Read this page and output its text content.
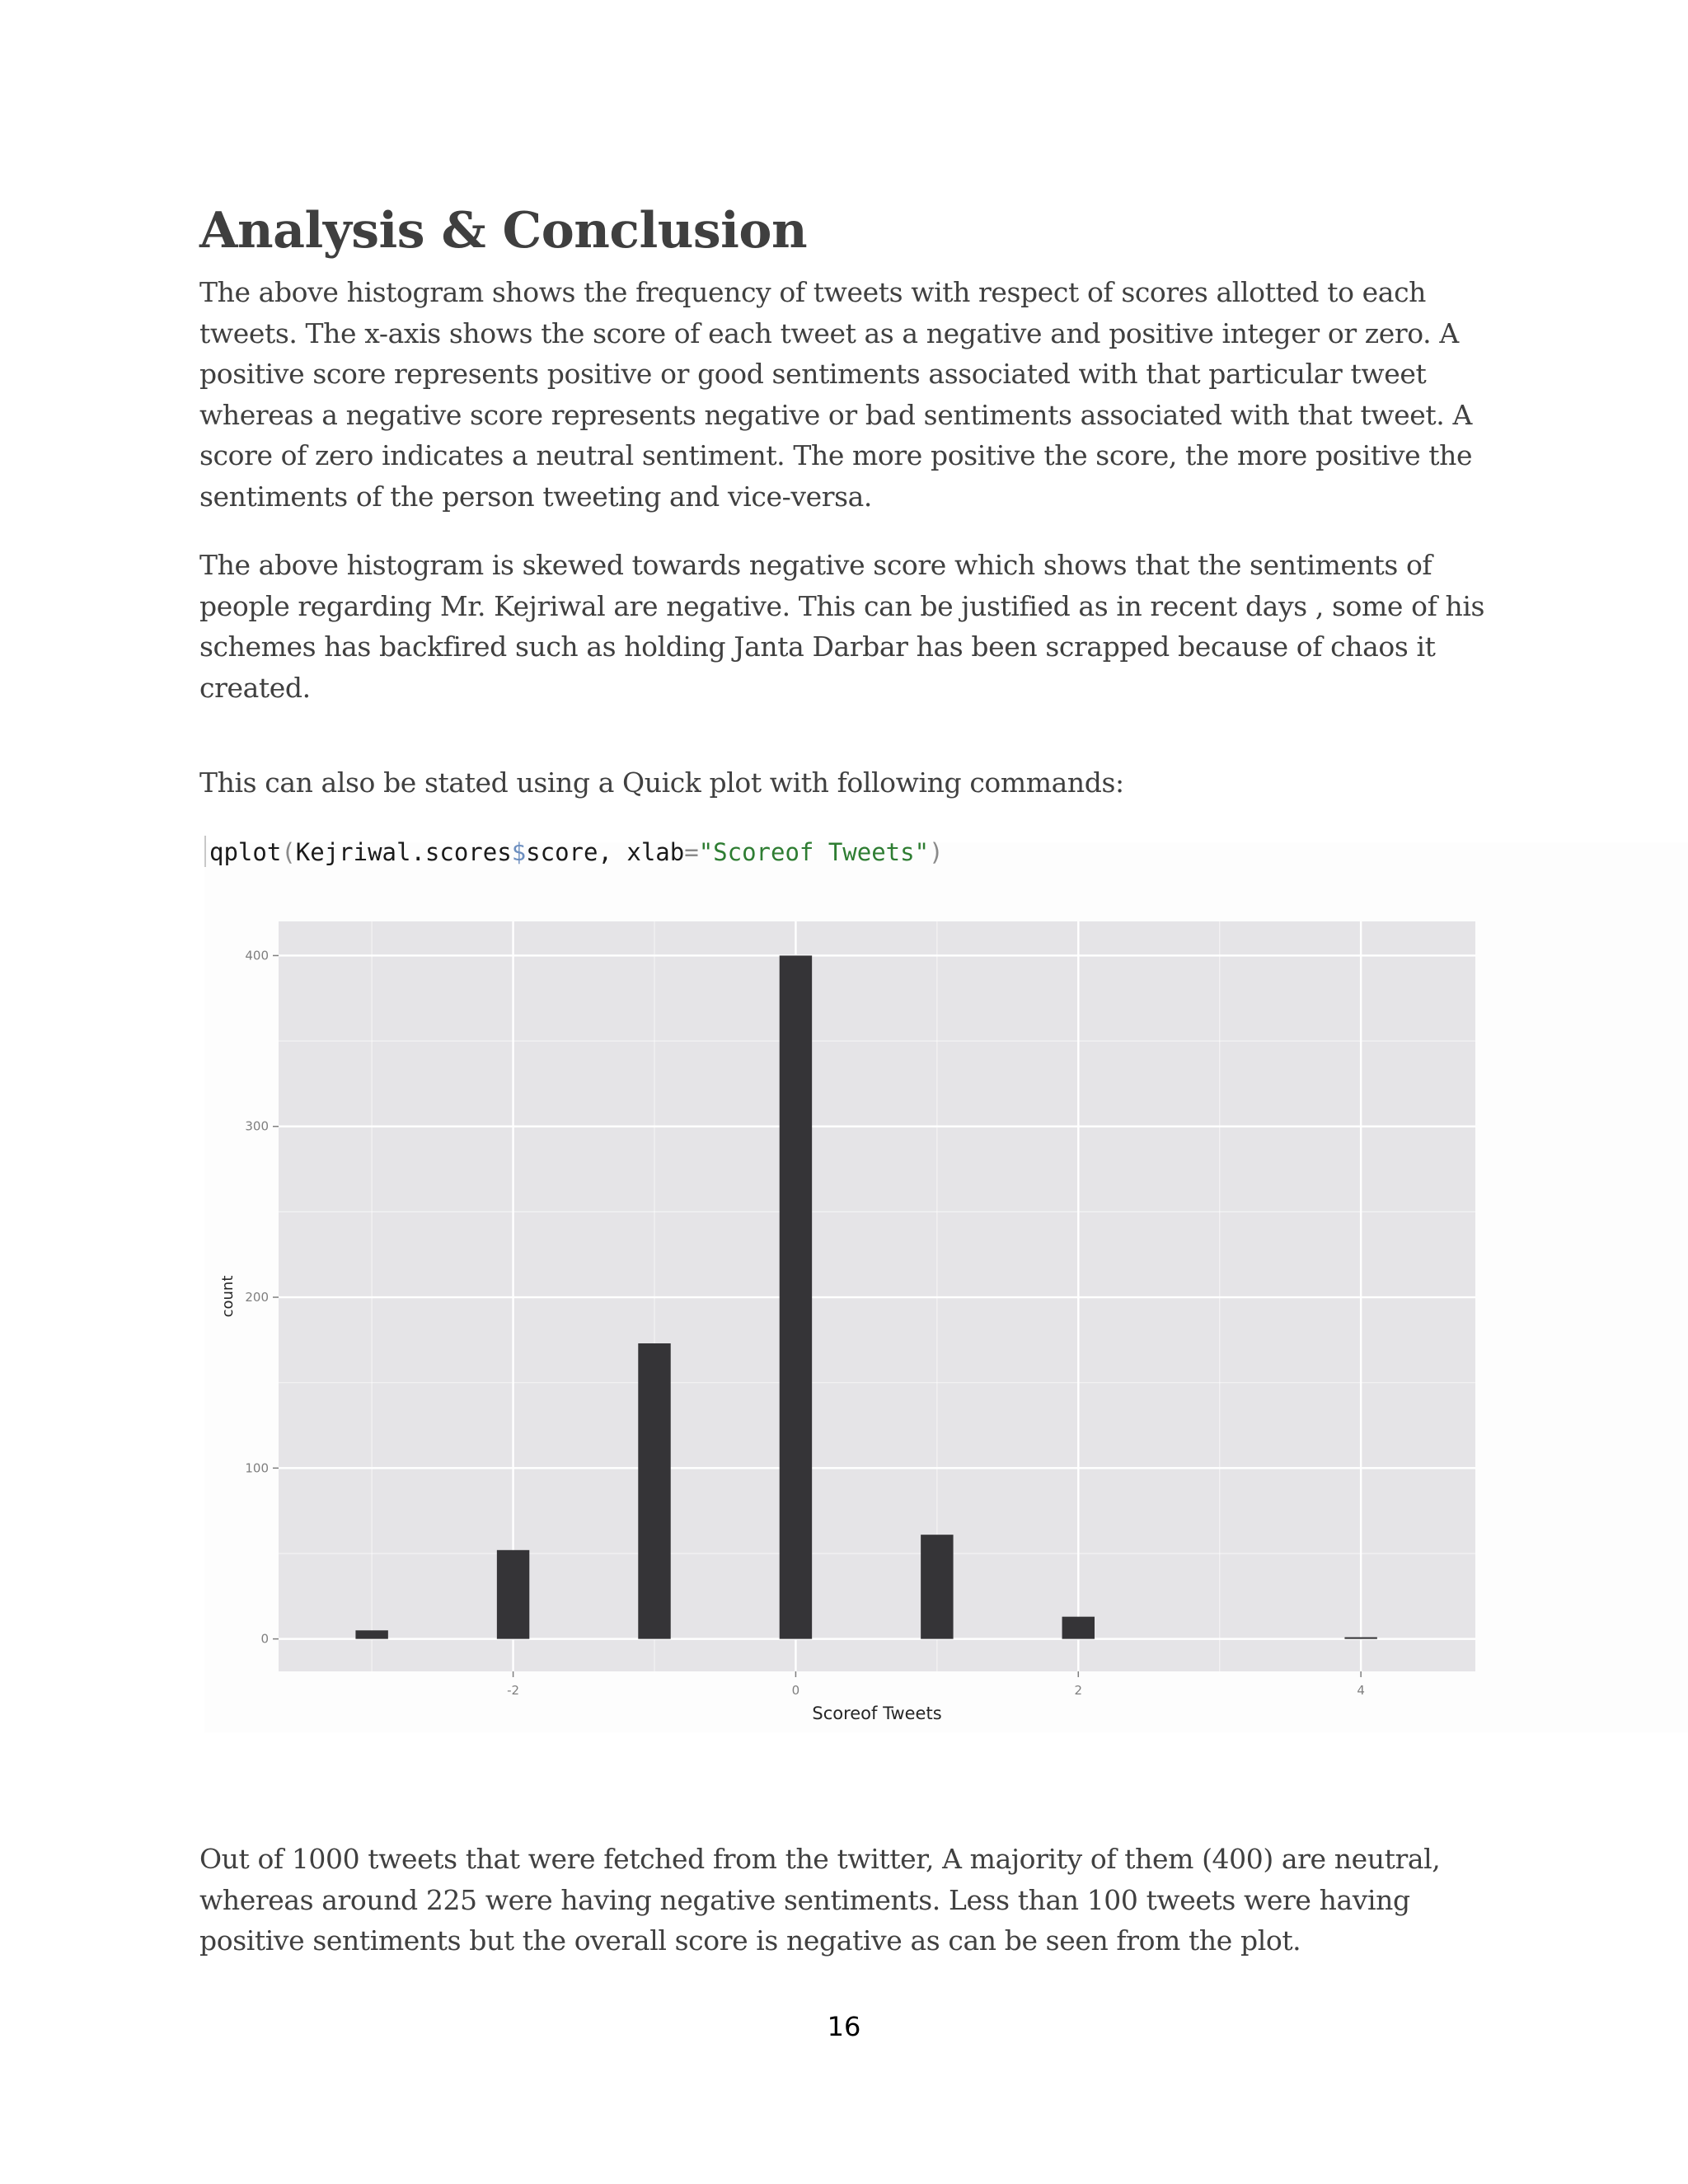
Analysis & Conclusion

The above histogram shows the frequency of tweets with respect of scores allotted to each tweets. The x-axis shows the score of each tweet as a negative and positive integer or zero. A positive score represents positive or good sentiments associated with that particular tweet whereas a negative score represents negative or bad sentiments associated with that tweet. A score of zero indicates a neutral sentiment. The more positive the score, the more positive the sentiments of the person tweeting and vice-versa.

The above histogram is skewed towards negative score which shows that the sentiments of people regarding Mr. Kejriwal are negative. This can be justified as in recent days , some of his schemes has backfired such as holding Janta Darbar has been scrapped because of chaos it created.

This can also be stated using a Quick plot with following commands:

qplot(Kejriwal.scores$score, xlab="Scoreof Tweets")
0
100
200
300
400
-2	0	2	4
Scoreof Tweets
count

Out of 1000 tweets that were fetched from the twitter, A majority of them (400) are neutral, whereas around 225 were having negative sentiments. Less than 100 tweets were having positive sentiments but the overall score is negative as can be seen from the plot.

16
